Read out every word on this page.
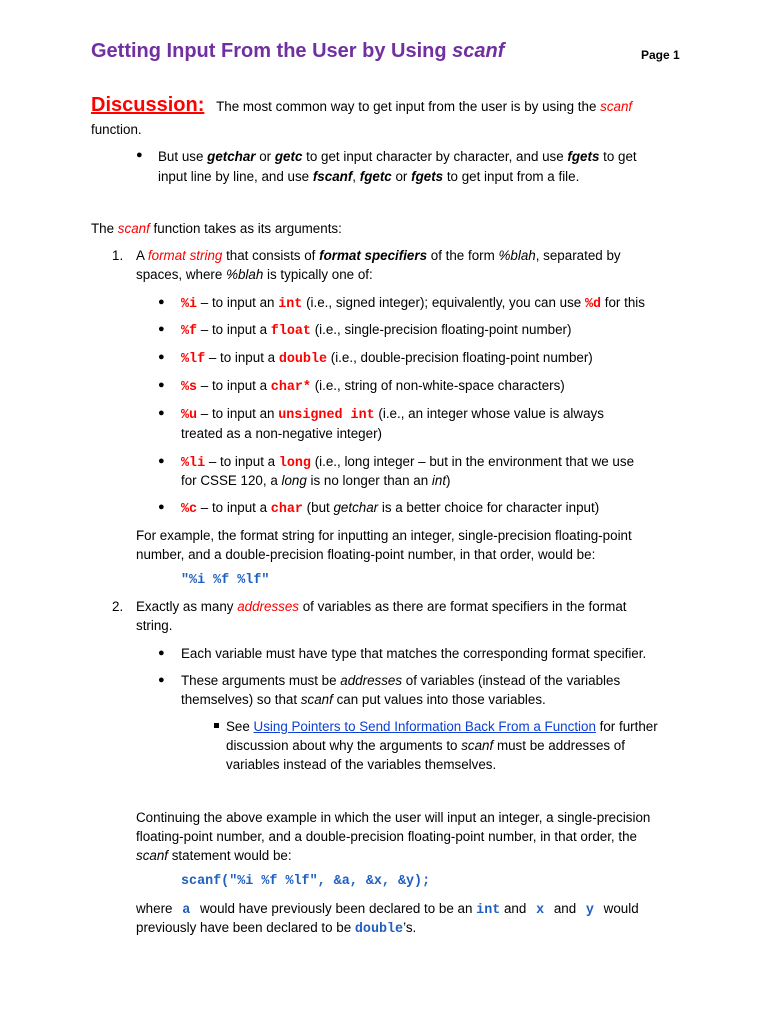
Getting Input From the User by Using scanf	Page 1
Discussion: The most common way to get input from the user is by using the scanf
function.
● But use getchar or getc to get input character by character, and use fgets to get
input line by line, and use fscanf, fgetc or fgets to get input from a file.
The scanf function takes as its arguments:
1. A format string that consists of format specifiers of the form %blah, separated by
spaces, where %blah is typically one of:
● %i – to input an int (i.e., signed integer); equivalently, you can use %d for this
● %f – to input a float (i.e., single-precision floating-point number)
● %lf – to input a double (i.e., double-precision floating-point number)
● %s – to input a char* (i.e., string of non-white-space characters)
● %u – to input an unsigned int (i.e., an integer whose value is always
treated as a non-negative integer)
● %li – to input a long (i.e., long integer – but in the environment that we use
for CSSE 120, a long is no longer than an int)
● %c – to input a char (but getchar is a better choice for character input)
For example, the format string for inputting an integer, single-precision floating-point
number, and a double-precision floating-point number, in that order, would be:
"%i %f %lf"
2. Exactly as many addresses of variables as there are format specifiers in the format
string.
● Each variable must have type that matches the corresponding format specifier.
● These arguments must be addresses of variables (instead of the variables
themselves) so that scanf can put values into those variables.
See Using Pointers to Send Information Back From a Function for further
discussion about why the arguments to scanf must be addresses of
variables instead of the variables themselves.
Continuing the above example in which the user will input an integer, a single-precision
floating-point number, and a double-precision floating-point number, in that order, the
scanf statement would be:
scanf("%i %f %lf", &a, &x, &y);
where a would have previously been declared to be an int and x and y would
previously have been declared to be double’s.
